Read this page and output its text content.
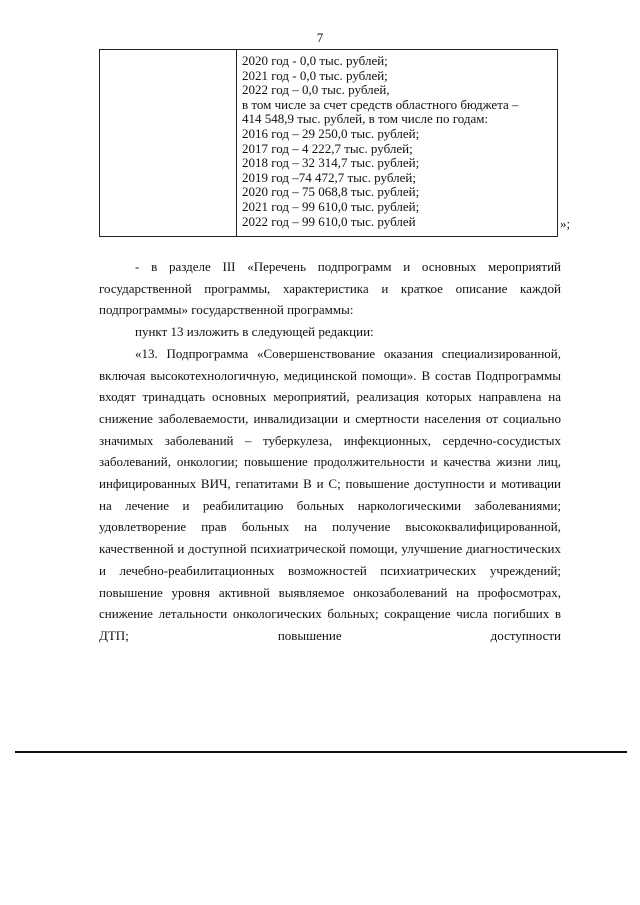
7
2020 год - 0,0 тыс. рублей;
2021 год - 0,0 тыс. рублей;
2022 год – 0,0 тыс. рублей,
в том числе за счет средств областного бюджета –
414 548,9 тыс. рублей, в том числе по годам:
2016 год – 29 250,0 тыс. рублей;
2017 год – 4 222,7 тыс. рублей;
2018 год – 32 314,7 тыс. рублей;
2019 год –74 472,7 тыс. рублей;
2020 год – 75 068,8 тыс. рублей;
2021 год – 99 610,0 тыс. рублей;
2022 год – 99 610,0 тыс. рублей	»;

- в разделе III «Перечень подпрограмм и основных мероприятий государственной программы, характеристика и краткое описание каждой подпрограммы» государственной программы:

пункт 13 изложить в следующей редакции:

«13. Подпрограмма «Совершенствование оказания специализированной, включая высокотехнологичную, медицинской помощи». В состав Подпрограммы входят тринадцать основных мероприятий, реализация которых направлена на снижение заболеваемости, инвалидизации и смертности населения от социально значимых заболеваний – туберкулеза, инфекционных, сердечно-сосудистых заболеваний, онкологии; повышение продолжительности и качества жизни лиц, инфицированных ВИЧ, гепатитами В и С; повышение доступности и мотивации на лечение и реабилитацию больных наркологическими заболеваниями; удовлетворение прав больных на получение высококвалифицированной, качественной и доступной психиатрической помощи, улучшение диагностических и лечебно-реабилитационных возможностей психиатрических учреждений; повышение уровня активной выявляемое онкозаболеваний на профосмотрах, снижение летальности онкологических больных; сокращение числа погибших в ДТП; повышение доступности
